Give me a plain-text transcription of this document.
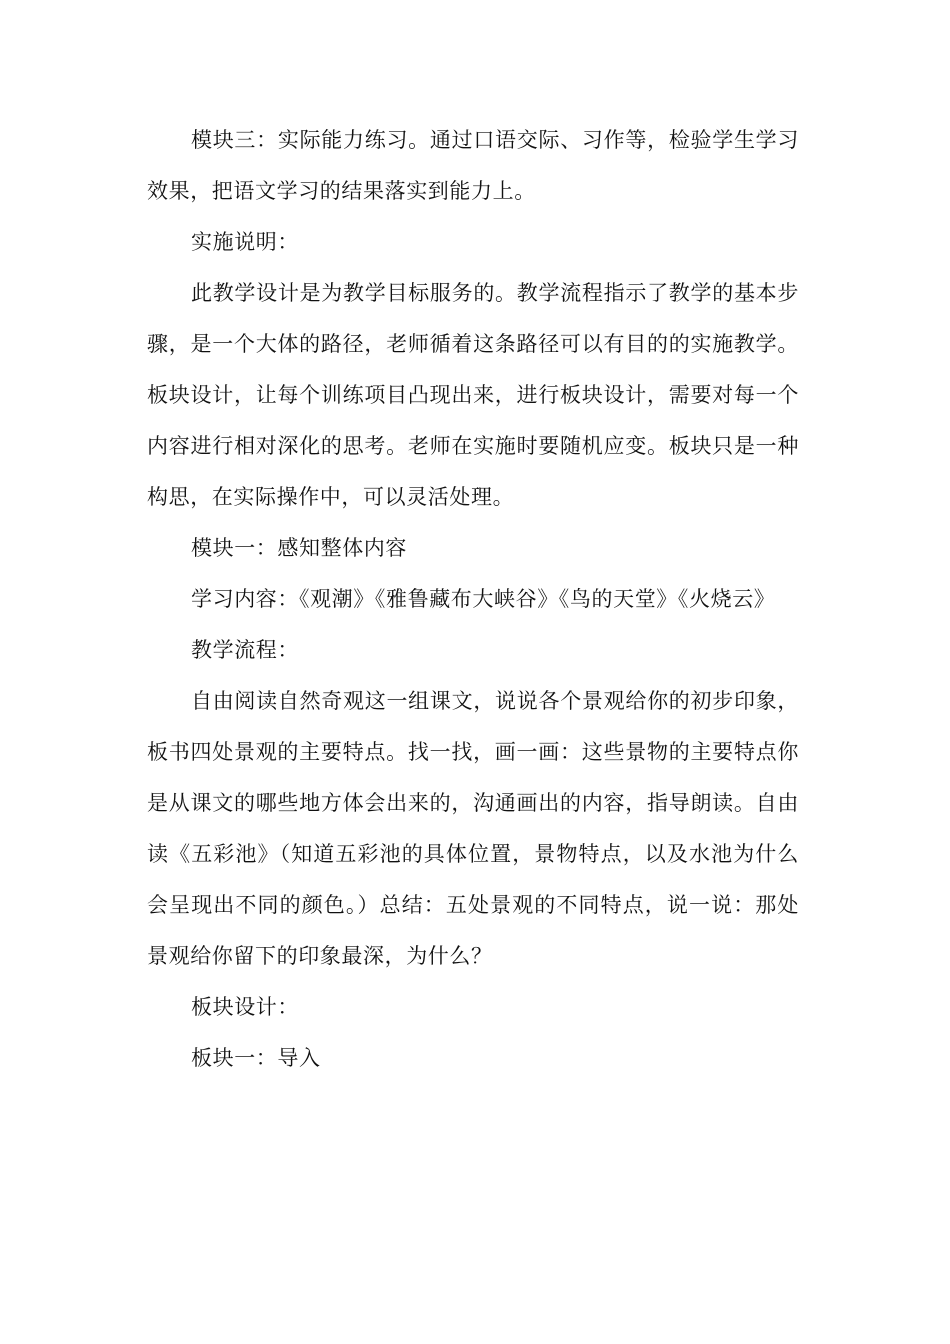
模块三：实际能力练习。通过口语交际、习作等，检验学生学习效果，把语文学习的结果落实到能力上。

实施说明：

此教学设计是为教学目标服务的。教学流程指示了教学的基本步骤，是一个大体的路径，老师循着这条路径可以有目的的实施教学。板块设计，让每个训练项目凸现出来，进行板块设计，需要对每一个内容进行相对深化的思考。老师在实施时要随机应变。板块只是一种构思，在实际操作中，可以灵活处理。

模块一：感知整体内容

学习内容：《观潮》《雅鲁藏布大峡谷》《鸟的天堂》《火烧云》

教学流程：

自由阅读自然奇观这一组课文，说说各个景观给你的初步印象，板书四处景观的主要特点。找一找，画一画：这些景物的主要特点你是从课文的哪些地方体会出来的，沟通画出的内容，指导朗读。自由读《五彩池》（知道五彩池的具体位置，景物特点，以及水池为什么会呈现出不同的颜色。）总结：五处景观的不同特点，说一说：那处景观给你留下的印象最深，为什么？

板块设计：

板块一：导入
